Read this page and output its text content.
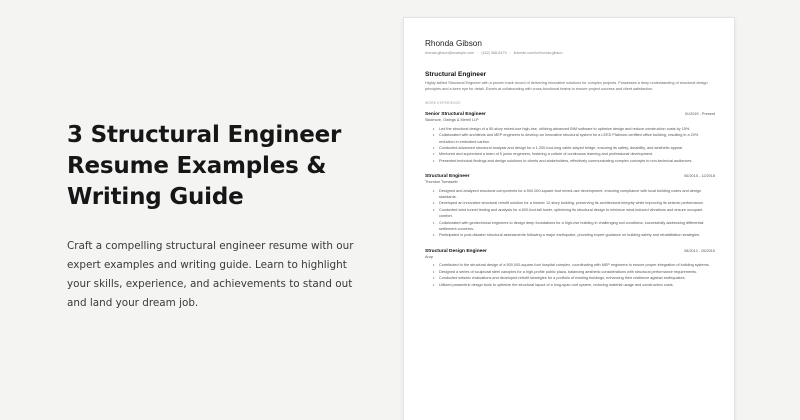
3 Structural Engineer Resume Examples & Writing Guide

Craft a compelling structural engineer resume with our expert examples and writing guide. Learn to highlight your skills, experience, and achievements to stand out and land your dream job.

Rhonda Gibson
rhonda.gibson@example.com · (162) 368-5479 · linkedin.com/in/rhonda.gibson
Structural Engineer
Highly skilled Structural Engineer with a proven track record of delivering innovative solutions for complex projects. Possesses a deep understanding of structural design principles and a keen eye for detail. Excels at collaborating with cross-functional teams to ensure project success and client satisfaction.
WORK EXPERIENCE
Senior Structural Engineer	01/2019 - Present
Skidmore, Owings & Merrill LLP
• Led the structural design of a 50-story mixed-use high-rise, utilizing advanced BIM software to optimize design and reduce construction costs by 15%.
• Collaborated with architects and MEP engineers to develop an innovative structural system for a LEED Platinum-certified office building, resulting in a 20% reduction in embodied carbon.
• Conducted advanced structural analysis and design for a 1,200-foot-long cable-stayed bridge, ensuring its safety, durability, and aesthetic appeal.
• Mentored and supervised a team of 5 junior engineers, fostering a culture of continuous learning and professional development.
• Presented technical findings and design solutions to clients and stakeholders, effectively communicating complex concepts to non-technical audiences.
Structural Engineer	06/2015 - 12/2018
Thornton Tomasetti
• Designed and analyzed structural components for a 500,000-square-foot mixed-use development, ensuring compliance with local building codes and design standards.
• Developed an innovative structural retrofit solution for a historic 12-story building, preserving its architectural integrity while improving its seismic performance.
• Conducted wind tunnel testing and analysis for a 600-foot-tall tower, optimizing its structural design to minimize wind-induced vibrations and ensure occupant comfort.
• Collaborated with geotechnical engineers to design deep foundations for a high-rise building in challenging soil conditions, successfully addressing differential settlement concerns.
• Participated in post-disaster structural assessments following a major earthquake, providing expert guidance on building safety and rehabilitation strategies.
Structural Design Engineer	08/2012 - 05/2015
Arup
• Contributed to the structural design of a 500,000-square-foot hospital complex, coordinating with MEP engineers to ensure proper integration of building systems.
• Designed a series of sculptural steel canopies for a high-profile public plaza, balancing aesthetic considerations with structural performance requirements.
• Conducted seismic evaluations and developed retrofit strategies for a portfolio of existing buildings, enhancing their resilience against earthquakes.
• Utilized parametric design tools to optimize the structural layout of a long-span roof system, reducing material usage and construction costs.
